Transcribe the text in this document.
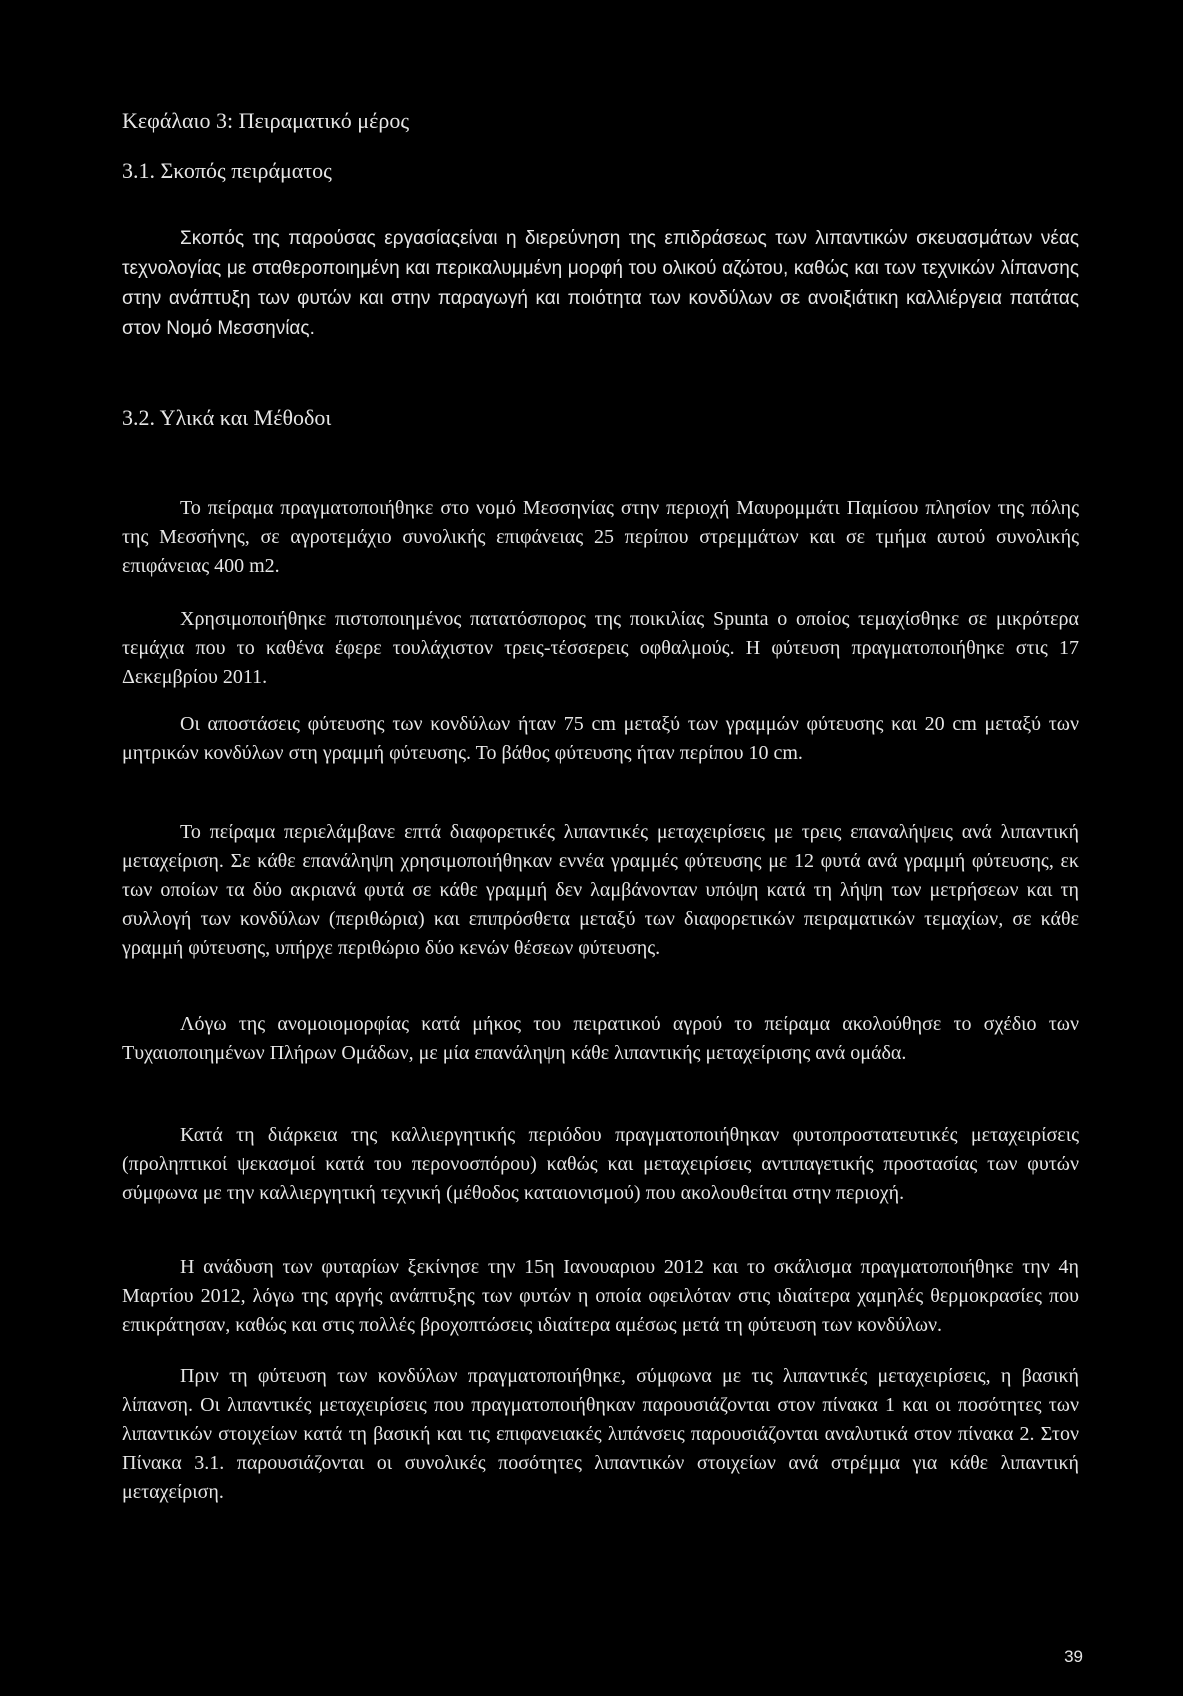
Κεφάλαιο 3: Πειραματικό μέρος
3.1. Σκοπός πειράματος

Σκοπός της παρούσας εργασίαςείναι η διερεύνηση της επιδράσεως των λιπαντικών σκευασμάτων νέας τεχνολογίας με σταθεροποιημένη και περικαλυμμένη μορφή του ολικού αζώτου, καθώς και των τεχνικών λίπανσης στην ανάπτυξη των φυτών και στην παραγωγή και ποιότητα των κονδύλων σε ανοιξιάτικη καλλιέργεια πατάτας στον Νομό Μεσσηνίας.

3.2. Υλικά και Μέθοδοι

Το πείραμα πραγματοποιήθηκε στο νομό Μεσσηνίας στην περιοχή Μαυρομμάτι Παμίσου πλησίον της πόλης της Μεσσήνης, σε αγροτεμάχιο συνολικής επιφάνειας 25 περίπου στρεμμάτων και σε τμήμα αυτού συνολικής επιφάνειας 400 m2.

Χρησιμοποιήθηκε πιστοποιημένος πατατόσπορος της ποικιλίας Spunta ο οποίος τεμαχίσθηκε σε μικρότερα τεμάχια που το καθένα έφερε τουλάχιστον τρεις-τέσσερεις οφθαλμούς. Η φύτευση πραγματοποιήθηκε στις 17 Δεκεμβρίου 2011.

Οι αποστάσεις φύτευσης των κονδύλων ήταν 75 cm μεταξύ των γραμμών φύτευσης και 20 cm μεταξύ των μητρικών κονδύλων στη γραμμή φύτευσης. Το βάθος φύτευσης ήταν περίπου 10 cm.

Το πείραμα περιελάμβανε επτά διαφορετικές λιπαντικές μεταχειρίσεις με τρεις επαναλήψεις ανά λιπαντική μεταχείριση. Σε κάθε επανάληψη χρησιμοποιήθηκαν εννέα γραμμές φύτευσης με 12 φυτά ανά γραμμή φύτευσης, εκ των οποίων τα δύο ακριανά φυτά σε κάθε γραμμή δεν λαμβάνονταν υπόψη κατά τη λήψη των μετρήσεων και τη συλλογή των κονδύλων (περιθώρια) και επιπρόσθετα μεταξύ των διαφορετικών πειραματικών τεμαχίων, σε κάθε γραμμή φύτευσης, υπήρχε περιθώριο δύο κενών θέσεων φύτευσης.

Λόγω της ανομοιομορφίας κατά μήκος του πειρατικού αγρού το πείραμα ακολούθησε το σχέδιο των Τυχαιοποιημένων Πλήρων Ομάδων, με μία επανάληψη κάθε λιπαντικής μεταχείρισης ανά ομάδα.

Κατά τη διάρκεια της καλλιεργητικής περιόδου πραγματοποιήθηκαν φυτοπροστατευτικές μεταχειρίσεις (προληπτικοί ψεκασμοί κατά του περονοσπόρου) καθώς και μεταχειρίσεις αντιπαγετικής προστασίας των φυτών σύμφωνα με την καλλιεργητική τεχνική (μέθοδος καταιονισμού) που ακολουθείται στην περιοχή.

Η ανάδυση των φυταρίων ξεκίνησε την 15η Ιανουαριου 2012 και το σκάλισμα πραγματοποιήθηκε την 4η Μαρτίου 2012, λόγω της αργής ανάπτυξης των φυτών η οποία οφειλόταν στις ιδιαίτερα χαμηλές θερμοκρασίες που επικράτησαν, καθώς και στις πολλές βροχοπτώσεις ιδιαίτερα αμέσως μετά τη φύτευση των κονδύλων.

Πριν τη φύτευση των κονδύλων πραγματοποιήθηκε, σύμφωνα με τις λιπαντικές μεταχειρίσεις, η βασική λίπανση. Οι λιπαντικές μεταχειρίσεις που πραγματοποιήθηκαν παρουσιάζονται στον πίνακα 1 και οι ποσότητες των λιπαντικών στοιχείων κατά τη βασική και τις επιφανειακές λιπάνσεις παρουσιάζονται αναλυτικά στον πίνακα 2. Στον Πίνακα 3.1. παρουσιάζονται οι συνολικές ποσότητες λιπαντικών στοιχείων ανά στρέμμα για κάθε λιπαντική μεταχείριση.

39
